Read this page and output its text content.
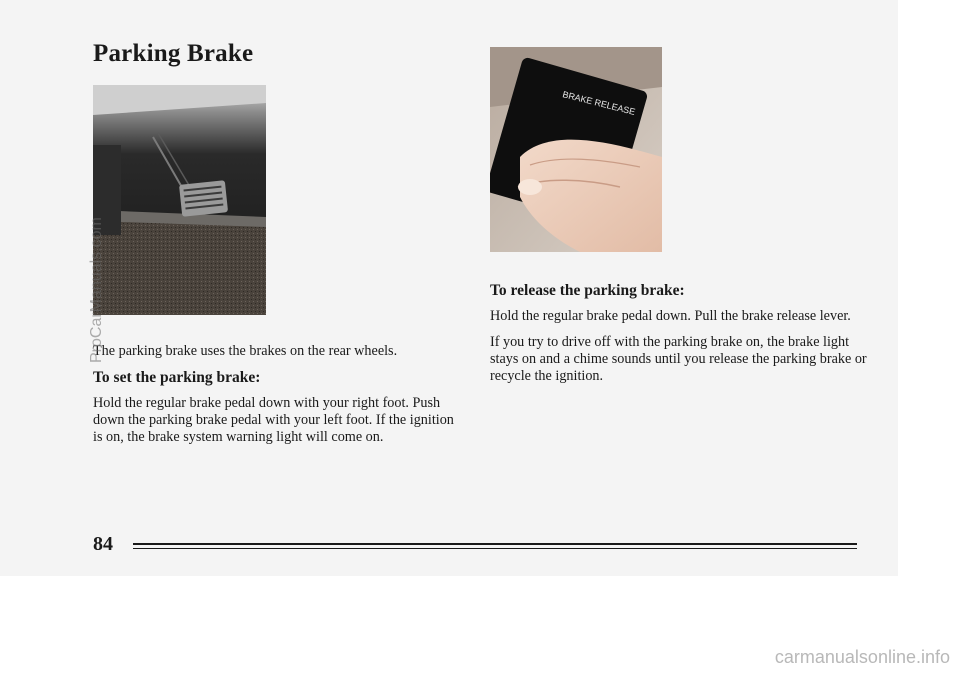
Parking Brake
BRAKE RELEASE

The parking brake uses the brakes on the rear wheels.

To set the parking brake:

Hold the regular brake pedal down with your right foot. Push down the parking brake pedal with your left foot. If the ignition is on, the brake system warning light will come on.

To release the parking brake:

Hold the regular brake pedal down. Pull the brake release lever.

If you try to drive off with the parking brake on, the brake light stays on and a chime sounds until you release the parking brake or recycle the ignition.

84
ProCarManuals.com
carmanualsonline.info
